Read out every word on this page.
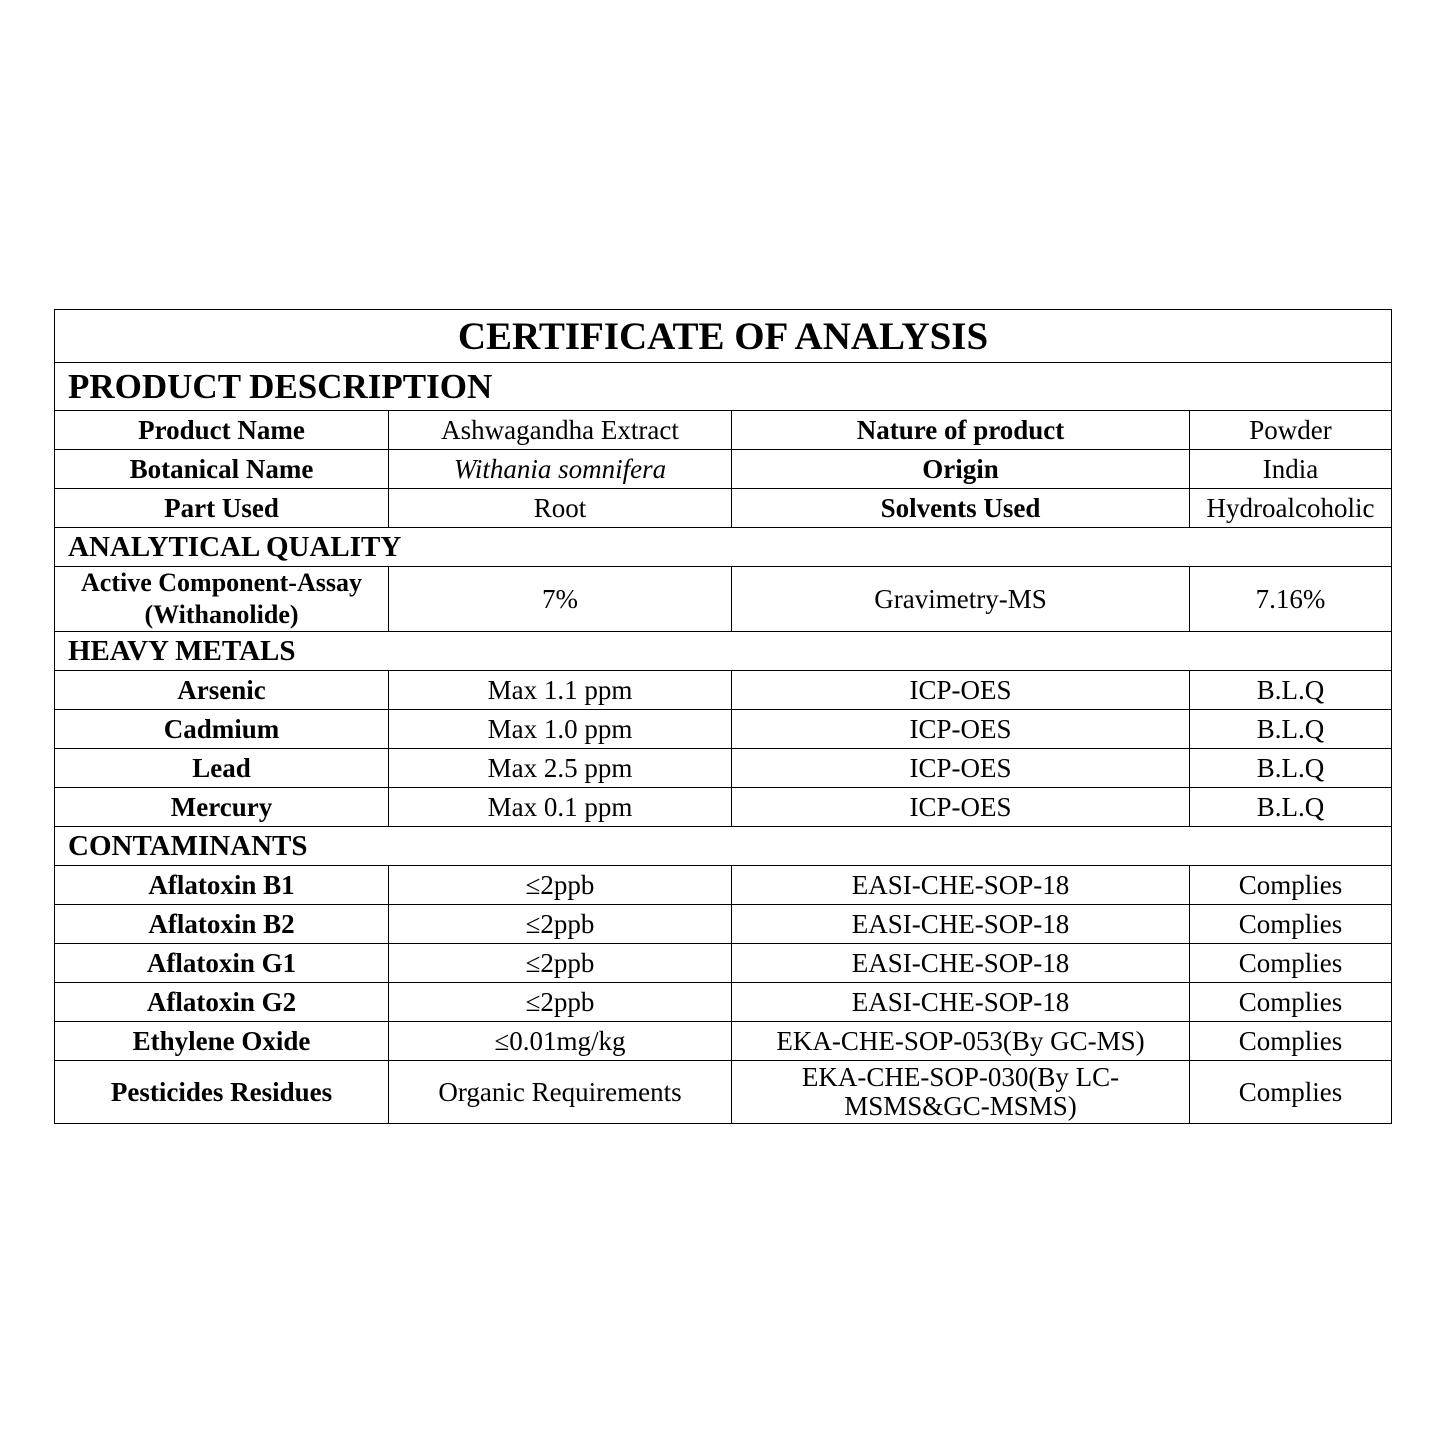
CERTIFICATE OF ANALYSIS			
PRODUCT DESCRIPTION			
Product Name	Ashwagandha Extract	Nature of product	Powder
Botanical Name	Withania somnifera	Origin	India
Part Used	Root	Solvents Used	Hydroalcoholic
ANALYTICAL QUALITY			
Active Component-Assay (Withanolide)	7%	Gravimetry-MS	7.16%
HEAVY METALS			
Arsenic	Max 1.1 ppm	ICP-OES	B.L.Q
Cadmium	Max 1.0 ppm	ICP-OES	B.L.Q
Lead	Max 2.5 ppm	ICP-OES	B.L.Q
Mercury	Max 0.1 ppm	ICP-OES	B.L.Q
CONTAMINANTS			
Aflatoxin B1	≤2ppb	EASI-CHE-SOP-18	Complies
Aflatoxin B2	≤2ppb	EASI-CHE-SOP-18	Complies
Aflatoxin G1	≤2ppb	EASI-CHE-SOP-18	Complies
Aflatoxin G2	≤2ppb	EASI-CHE-SOP-18	Complies
Ethylene Oxide	≤0.01mg/kg	EKA-CHE-SOP-053(By GC-MS)	Complies
Pesticides Residues	Organic Requirements	EKA-CHE-SOP-030(By LC-MSMS&GC-MSMS)	Complies
